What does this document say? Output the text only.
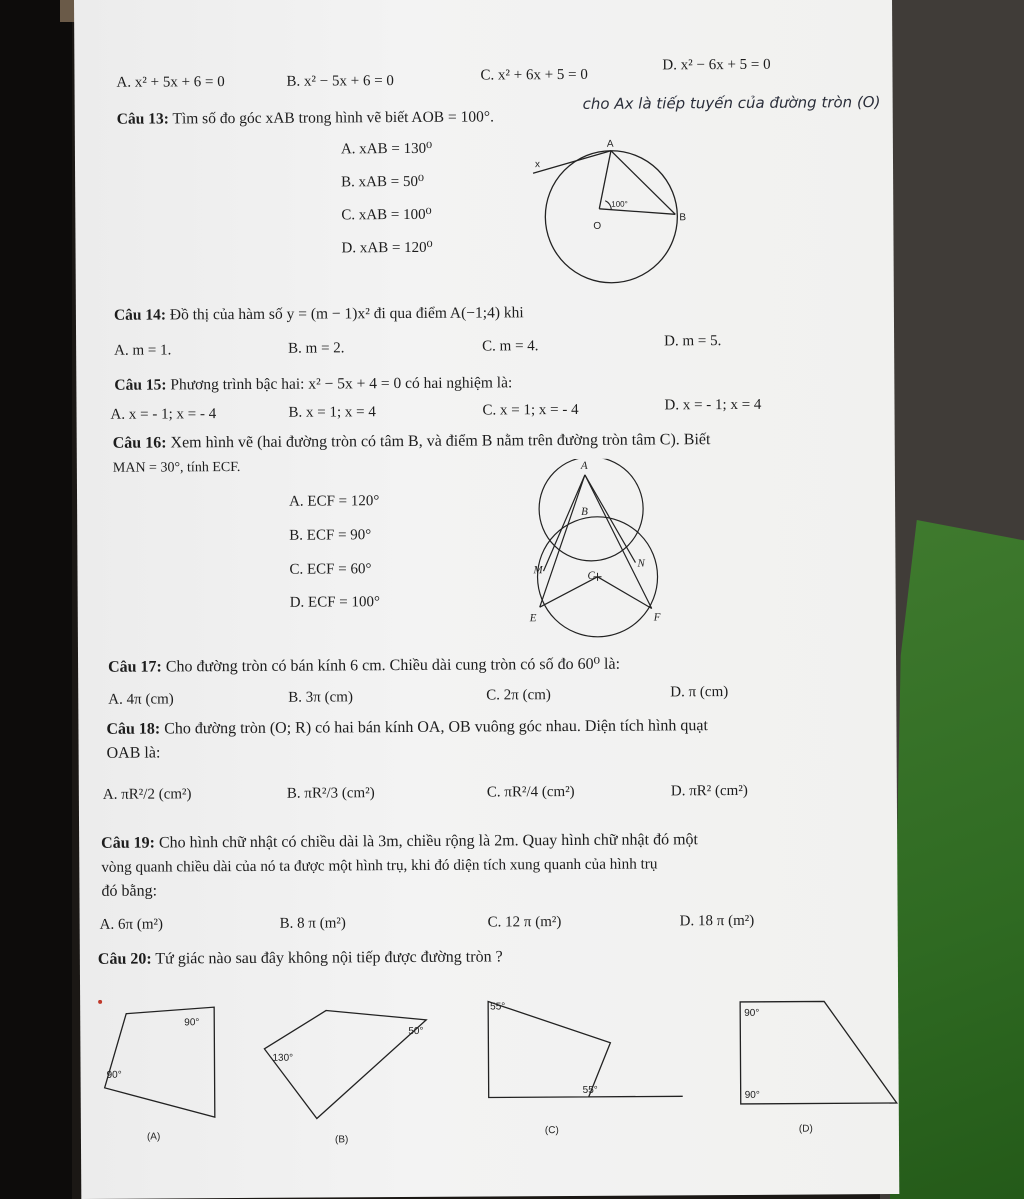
A. x² + 5x + 6 = 0	B. x² − 5x + 6 = 0	C. x² + 6x + 5 = 0
D. x² − 6x + 5 = 0
Câu 13: Tìm số đo góc xAB trong hình vẽ biết AOB = 100°.
cho Ax là tiếp tuyến của đường tròn (O)
A. xAB = 130⁰
B. xAB = 50⁰
C. xAB = 100⁰
D. xAB = 120⁰
A
B
O
x
100°
Câu 14: Đồ thị của hàm số y = (m − 1)x² đi qua điểm A(−1;4) khi
A. m = 1.	B. m = 2.	C. m = 4.	D. m = 5.
Câu 15: Phương trình bậc hai: x² − 5x + 4 = 0 có hai nghiệm là:
A. x = - 1; x = - 4	B. x = 1; x = 4	C. x = 1; x = - 4	D. x = - 1; x = 4
Câu 16: Xem hình vẽ (hai đường tròn có tâm B, và điểm B nằm trên đường tròn tâm C). Biết
MAN = 30°, tính ECF.
A. ECF = 120°
B. ECF = 90°
C. ECF = 60°
D. ECF = 100°
A
B
C
M
N
E	F
Câu 17: Cho đường tròn có bán kính 6 cm. Chiều dài cung tròn có số đo 60⁰ là:
A. 4π (cm)	B. 3π (cm)	C. 2π (cm)	D. π (cm)
Câu 18: Cho đường tròn (O; R) có hai bán kính OA, OB vuông góc nhau. Diện tích hình quạt
OAB là:
A. πR²/2 (cm²)	B. πR²/3 (cm²)	C. πR²/4 (cm²)	D. πR² (cm²)
Câu 19: Cho hình chữ nhật có chiều dài là 3m, chiều rộng là 2m. Quay hình chữ nhật đó một
vòng quanh chiều dài của nó ta được một hình trụ, khi đó diện tích xung quanh của hình trụ
đó bằng:
A. 6π (m²)	B. 8 π (m²)	C. 12 π (m²)	D. 18 π (m²)
Câu 20: Tứ giác nào sau đây không nội tiếp được đường tròn ?
90°
90°
(A)
50°
130°
(B)
55°
55°
(C)
90°
90°
(D)
